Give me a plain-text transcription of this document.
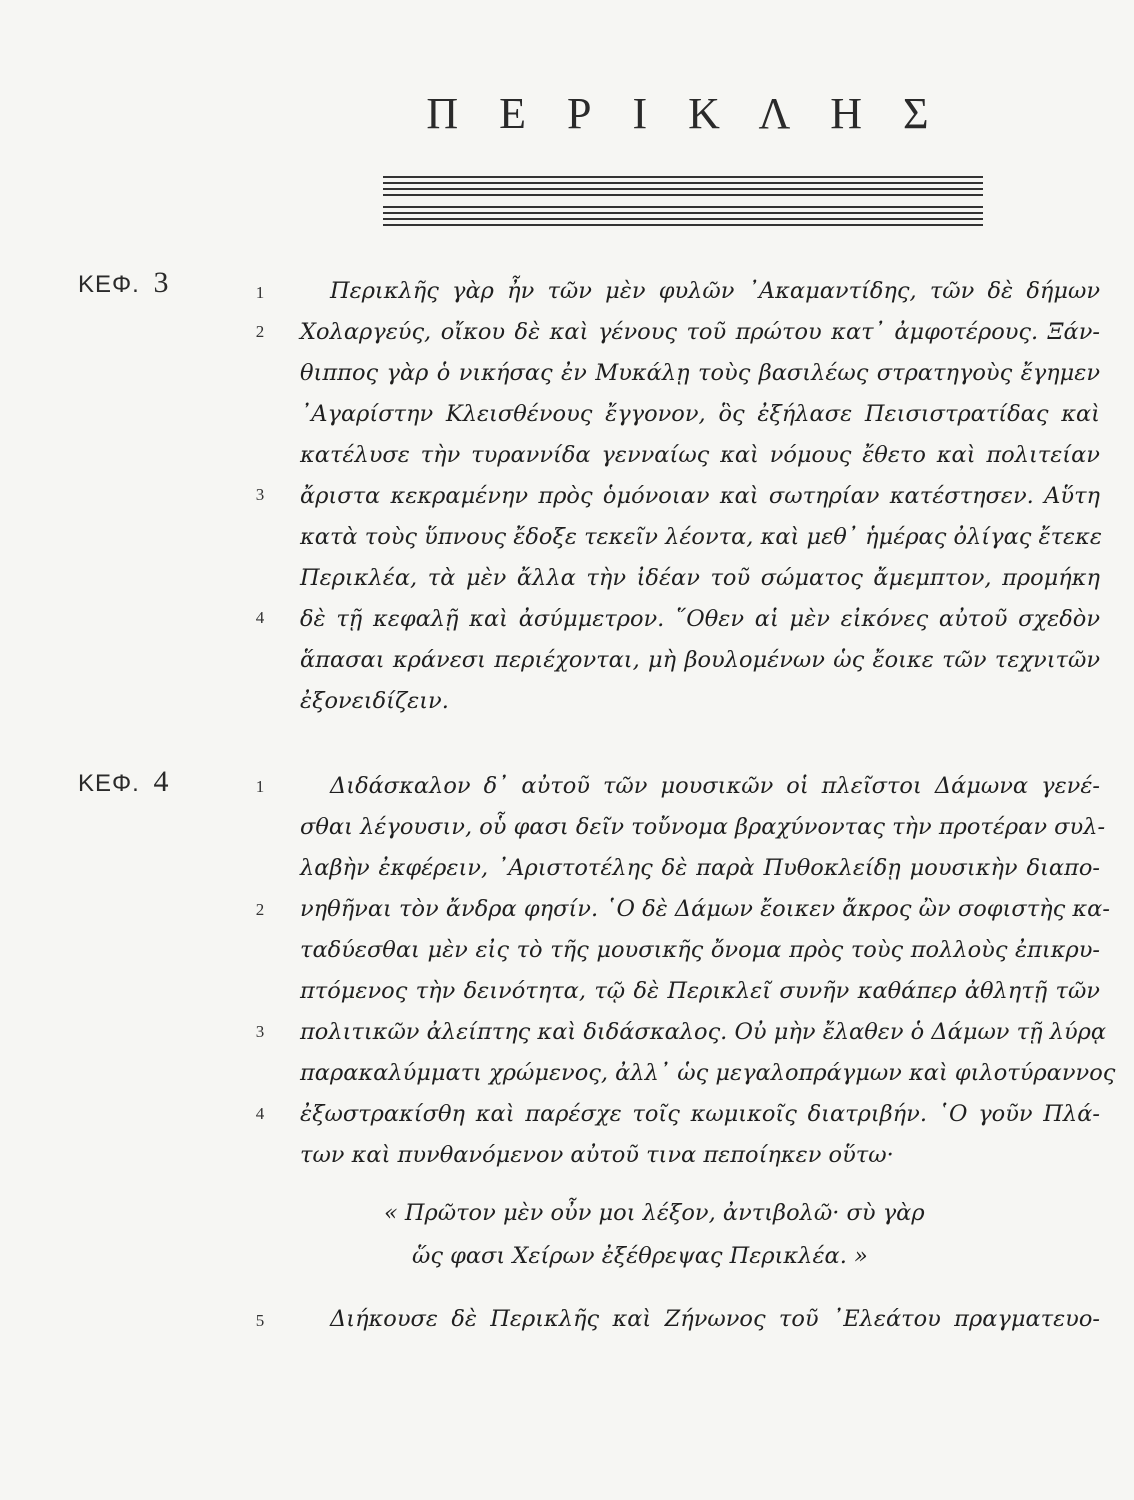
Π Ε Ρ Ι Κ Λ Η Σ
ΚΕΦ. 3	1
2
3
4

Περικλῆς γὰρ ἦν τῶν μὲν φυλῶν ᾿Ακαμαντίδης, τῶν δὲ δήμων

Χολαργεύς, οἴκου δὲ καὶ γένους τοῦ πρώτου κατ᾿ ἀμφοτέρους. Ξάν-

θιππος γὰρ ὁ νικήσας ἐν Μυκάλῃ τοὺς βασιλέως στρατηγοὺς ἔγημεν

᾿Αγαρίστην Κλεισθένους ἔγγονον, ὃς ἐξήλασε Πεισιστρατίδας καὶ

κατέλυσε τὴν τυραννίδα γενναίως καὶ νόμους ἔθετο καὶ πολιτείαν

ἄριστα κεκραμένην πρὸς ὁμόνοιαν καὶ σωτηρίαν κατέστησεν. Αὕτη

κατὰ τοὺς ὕπνους ἔδοξε τεκεῖν λέοντα, καὶ μεθ᾿ ἡμέρας ὀλίγας ἔτεκε

Περικλέα, τὰ μὲν ἄλλα τὴν ἰδέαν τοῦ σώματος ἄμεμπτον, προμήκη

δὲ τῇ κεφαλῇ καὶ ἀσύμμετρον. ῞Οθεν αἱ μὲν εἰκόνες αὐτοῦ σχεδὸν

ἅπασαι κράνεσι περιέχονται, μὴ βουλομένων ὡς ἔοικε τῶν τεχνιτῶν

ἐξονειδίζειν.

ΚΕΦ. 4	1
2
3
4
5

Διδάσκαλον δ᾿ αὐτοῦ τῶν μουσικῶν οἱ πλεῖστοι Δάμωνα γενέ-

σθαι λέγουσιν, οὗ φασι δεῖν τοὔνομα βραχύνοντας τὴν προτέραν συλ-

λαβὴν ἐκφέρειν, ᾿Αριστοτέλης δὲ παρὰ Πυθοκλείδῃ μουσικὴν διαπο-

νηθῆναι τὸν ἄνδρα φησίν. ῾Ο δὲ Δάμων ἔοικεν ἄκρος ὢν σοφιστὴς κα-

ταδύεσθαι μὲν εἰς τὸ τῆς μουσικῆς ὄνομα πρὸς τοὺς πολλοὺς ἐπικρυ-

πτόμενος τὴν δεινότητα, τῷ δὲ Περικλεῖ συνῆν καθάπερ ἀθλητῇ τῶν

πολιτικῶν ἀλείπτης καὶ διδάσκαλος. Οὐ μὴν ἔλαθεν ὁ Δάμων τῇ λύρᾳ

παρακαλύμματι χρώμενος, ἀλλ᾿ ὡς μεγαλοπράγμων καὶ φιλοτύραννος

ἐξωστρακίσθη καὶ παρέσχε τοῖς κωμικοῖς διατριβήν. ῾Ο γοῦν Πλά-

των καὶ πυνθανόμενον αὐτοῦ τινα πεποίηκεν οὕτω·

« Πρῶτον μὲν οὖν μοι λέξον, ἀντιβολῶ· σὺ γὰρ
ὥς φασι Χείρων ἐξέθρεψας Περικλέα. »

Διήκουσε δὲ Περικλῆς καὶ Ζήνωνος τοῦ ᾿Ελεάτου πραγματευο-
